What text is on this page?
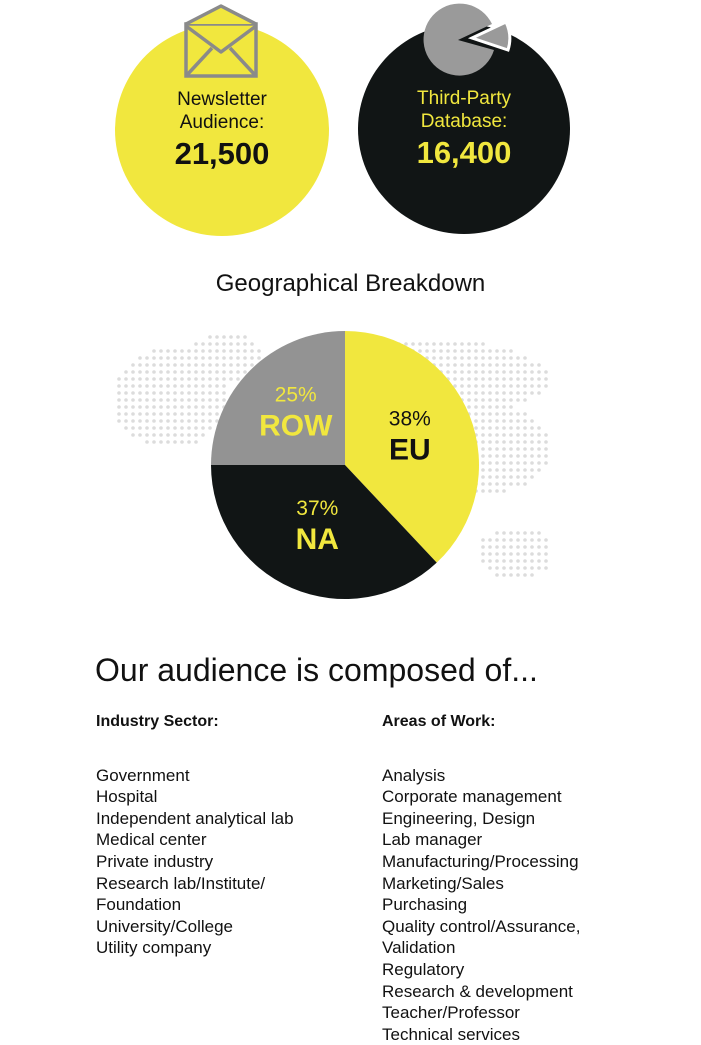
Newsletter
Audience:
21,500
Third-Party
Database:
16,400
Geographical Breakdown
38%
EU
37%
NA
25%
ROW
Our audience is composed of...
Industry Sector:
Government
Hospital
Independent analytical lab
Medical center
Private industry
Research lab/Institute/
Foundation
University/College
Utility company
Areas of Work:
Analysis
Corporate management
Engineering, Design
Lab manager
Manufacturing/Processing
Marketing/Sales
Purchasing
Quality control/Assurance,
Validation
Regulatory
Research & development
Teacher/Professor
Technical services
